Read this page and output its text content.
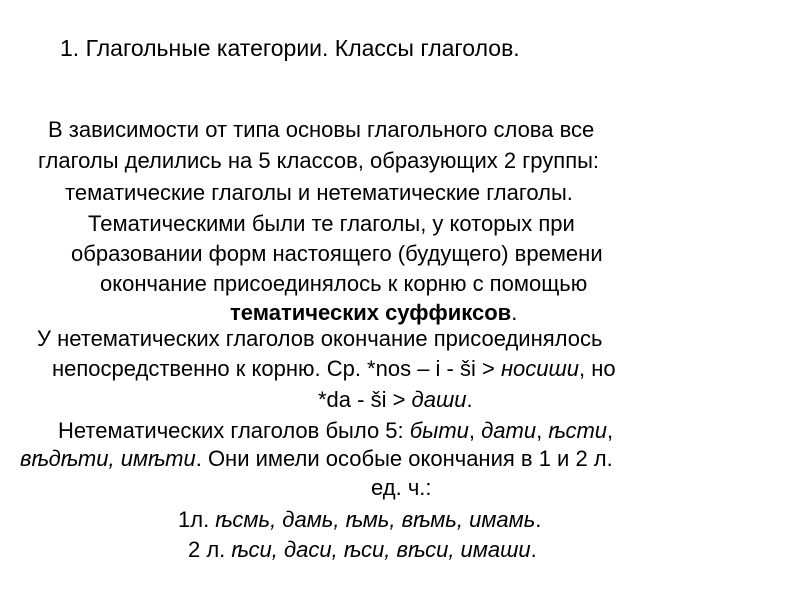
1. Глагольные категории. Классы глаголов.
В зависимости от типа основы глагольного слова все
глаголы делились на 5 классов, образующих 2 группы:
тематические глаголы и нетематические глаголы.
Тематическими были те глаголы, у которых при
образовании форм настоящего (будущего) времени
окончание присоединялось к корню с помощью
тематических суффиксов.
У нетематических глаголов окончание присоединялось
непосредственно к корню. Ср. *nos – i - ši > носиши, но
*da - ši > даши.
Нетематических глаголов было 5: быти, дати, ѣсти,
вѣдѣти, имѣти. Они имели особые окончания в 1 и 2 л.
ед. ч.:
1л. ѣсмь, дамь, ѣмь, вѣмь, имамь.
2 л. ѣси, даси, ѣси, вѣси, имаши.
